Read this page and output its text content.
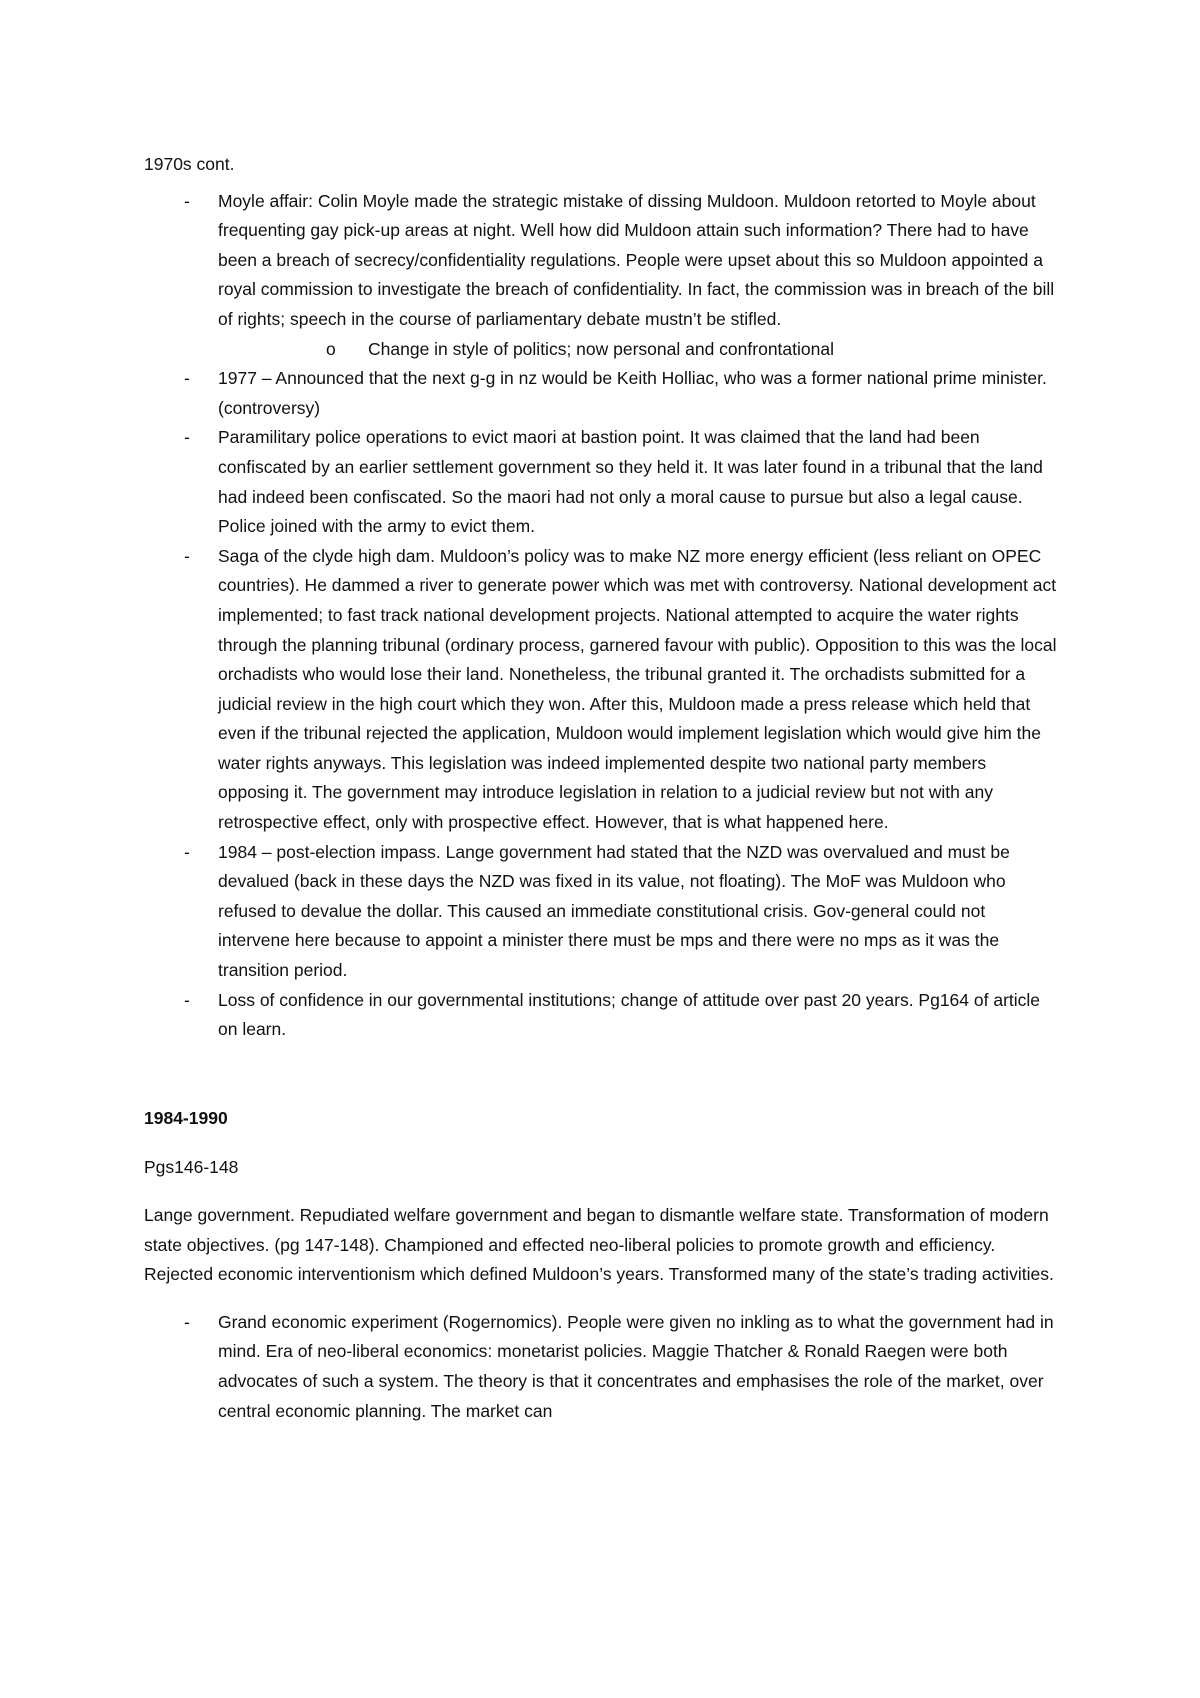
1970s cont.

- Moyle affair: Colin Moyle made the strategic mistake of dissing Muldoon. Muldoon retorted to Moyle about frequenting gay pick-up areas at night. Well how did Muldoon attain such information? There had to have been a breach of secrecy/confidentiality regulations. People were upset about this so Muldoon appointed a royal commission to investigate the breach of confidentiality. In fact, the commission was in breach of the bill of rights; speech in the course of parliamentary debate mustn’t be stifled.
o Change in style of politics; now personal and confrontational
- 1977 – Announced that the next g-g in nz would be Keith Holliac, who was a former national prime minister. (controversy)
- Paramilitary police operations to evict maori at bastion point. It was claimed that the land had been confiscated by an earlier settlement government so they held it. It was later found in a tribunal that the land had indeed been confiscated. So the maori had not only a moral cause to pursue but also a legal cause. Police joined with the army to evict them.
- Saga of the clyde high dam. Muldoon’s policy was to make NZ more energy efficient (less reliant on OPEC countries). He dammed a river to generate power which was met with controversy. National development act implemented; to fast track national development projects. National attempted to acquire the water rights through the planning tribunal (ordinary process, garnered favour with public). Opposition to this was the local orchadists who would lose their land. Nonetheless, the tribunal granted it. The orchadists submitted for a judicial review in the high court which they won. After this, Muldoon made a press release which held that even if the tribunal rejected the application, Muldoon would implement legislation which would give him the water rights anyways. This legislation was indeed implemented despite two national party members opposing it. The government may introduce legislation in relation to a judicial review but not with any retrospective effect, only with prospective effect. However, that is what happened here.
- 1984 – post-election impass. Lange government had stated that the NZD was overvalued and must be devalued (back in these days the NZD was fixed in its value, not floating). The MoF was Muldoon who refused to devalue the dollar. This caused an immediate constitutional crisis. Gov-general could not intervene here because to appoint a minister there must be mps and there were no mps as it was the transition period.
- Loss of confidence in our governmental institutions; change of attitude over past 20 years. Pg164 of article on learn.

1984-1990

Pgs146-148

Lange government. Repudiated welfare government and began to dismantle welfare state. Transformation of modern state objectives. (pg 147-148). Championed and effected neo-liberal policies to promote growth and efficiency. Rejected economic interventionism which defined Muldoon’s years. Transformed many of the state’s trading activities.

- Grand economic experiment (Rogernomics). People were given no inkling as to what the government had in mind. Era of neo-liberal economics: monetarist policies. Maggie Thatcher & Ronald Raegen were both advocates of such a system. The theory is that it concentrates and emphasises the role of the market, over central economic planning. The market can
